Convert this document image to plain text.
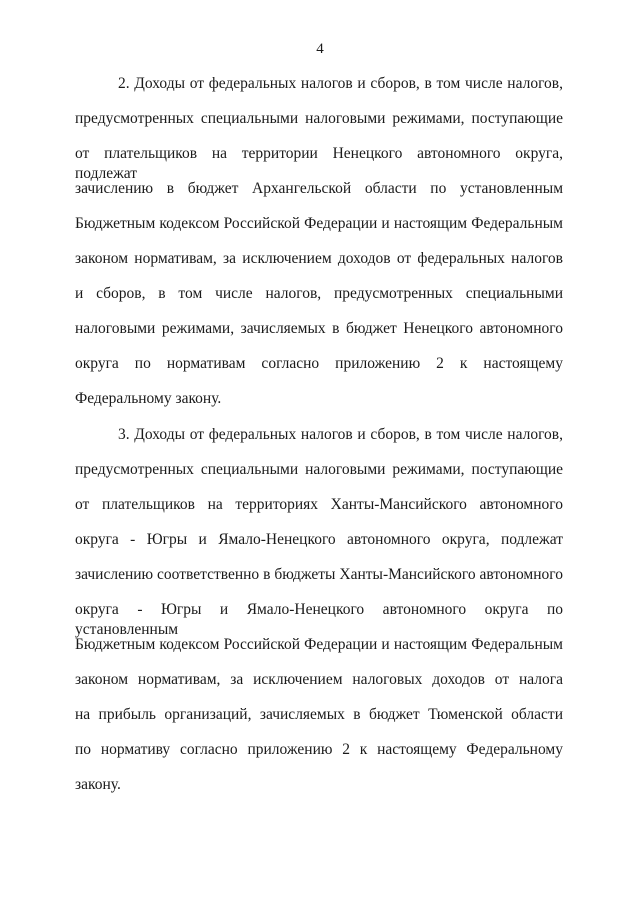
4
2. Доходы от федеральных налогов и сборов, в том числе налогов,
предусмотренных специальными налоговыми режимами, поступающие
от плательщиков на территории Ненецкого автономного округа, подлежат
зачислению в бюджет Архангельской области по установленным
Бюджетным кодексом Российской Федерации и настоящим Федеральным
законом нормативам, за исключением доходов от федеральных налогов
и сборов, в том числе налогов, предусмотренных специальными
налоговыми режимами, зачисляемых в бюджет Ненецкого автономного
округа по нормативам согласно приложению 2 к настоящему
Федеральному закону.
3. Доходы от федеральных налогов и сборов, в том числе налогов,
предусмотренных специальными налоговыми режимами, поступающие
от плательщиков на территориях Ханты-Мансийского автономного
округа - Югры и Ямало-Ненецкого автономного округа, подлежат
зачислению соответственно в бюджеты Ханты-Мансийского автономного
округа - Югры и Ямало-Ненецкого автономного округа по установленным
Бюджетным кодексом Российской Федерации и настоящим Федеральным
законом нормативам, за исключением налоговых доходов от налога
на прибыль организаций, зачисляемых в бюджет Тюменской области
по нормативу согласно приложению 2 к настоящему Федеральному
закону.
